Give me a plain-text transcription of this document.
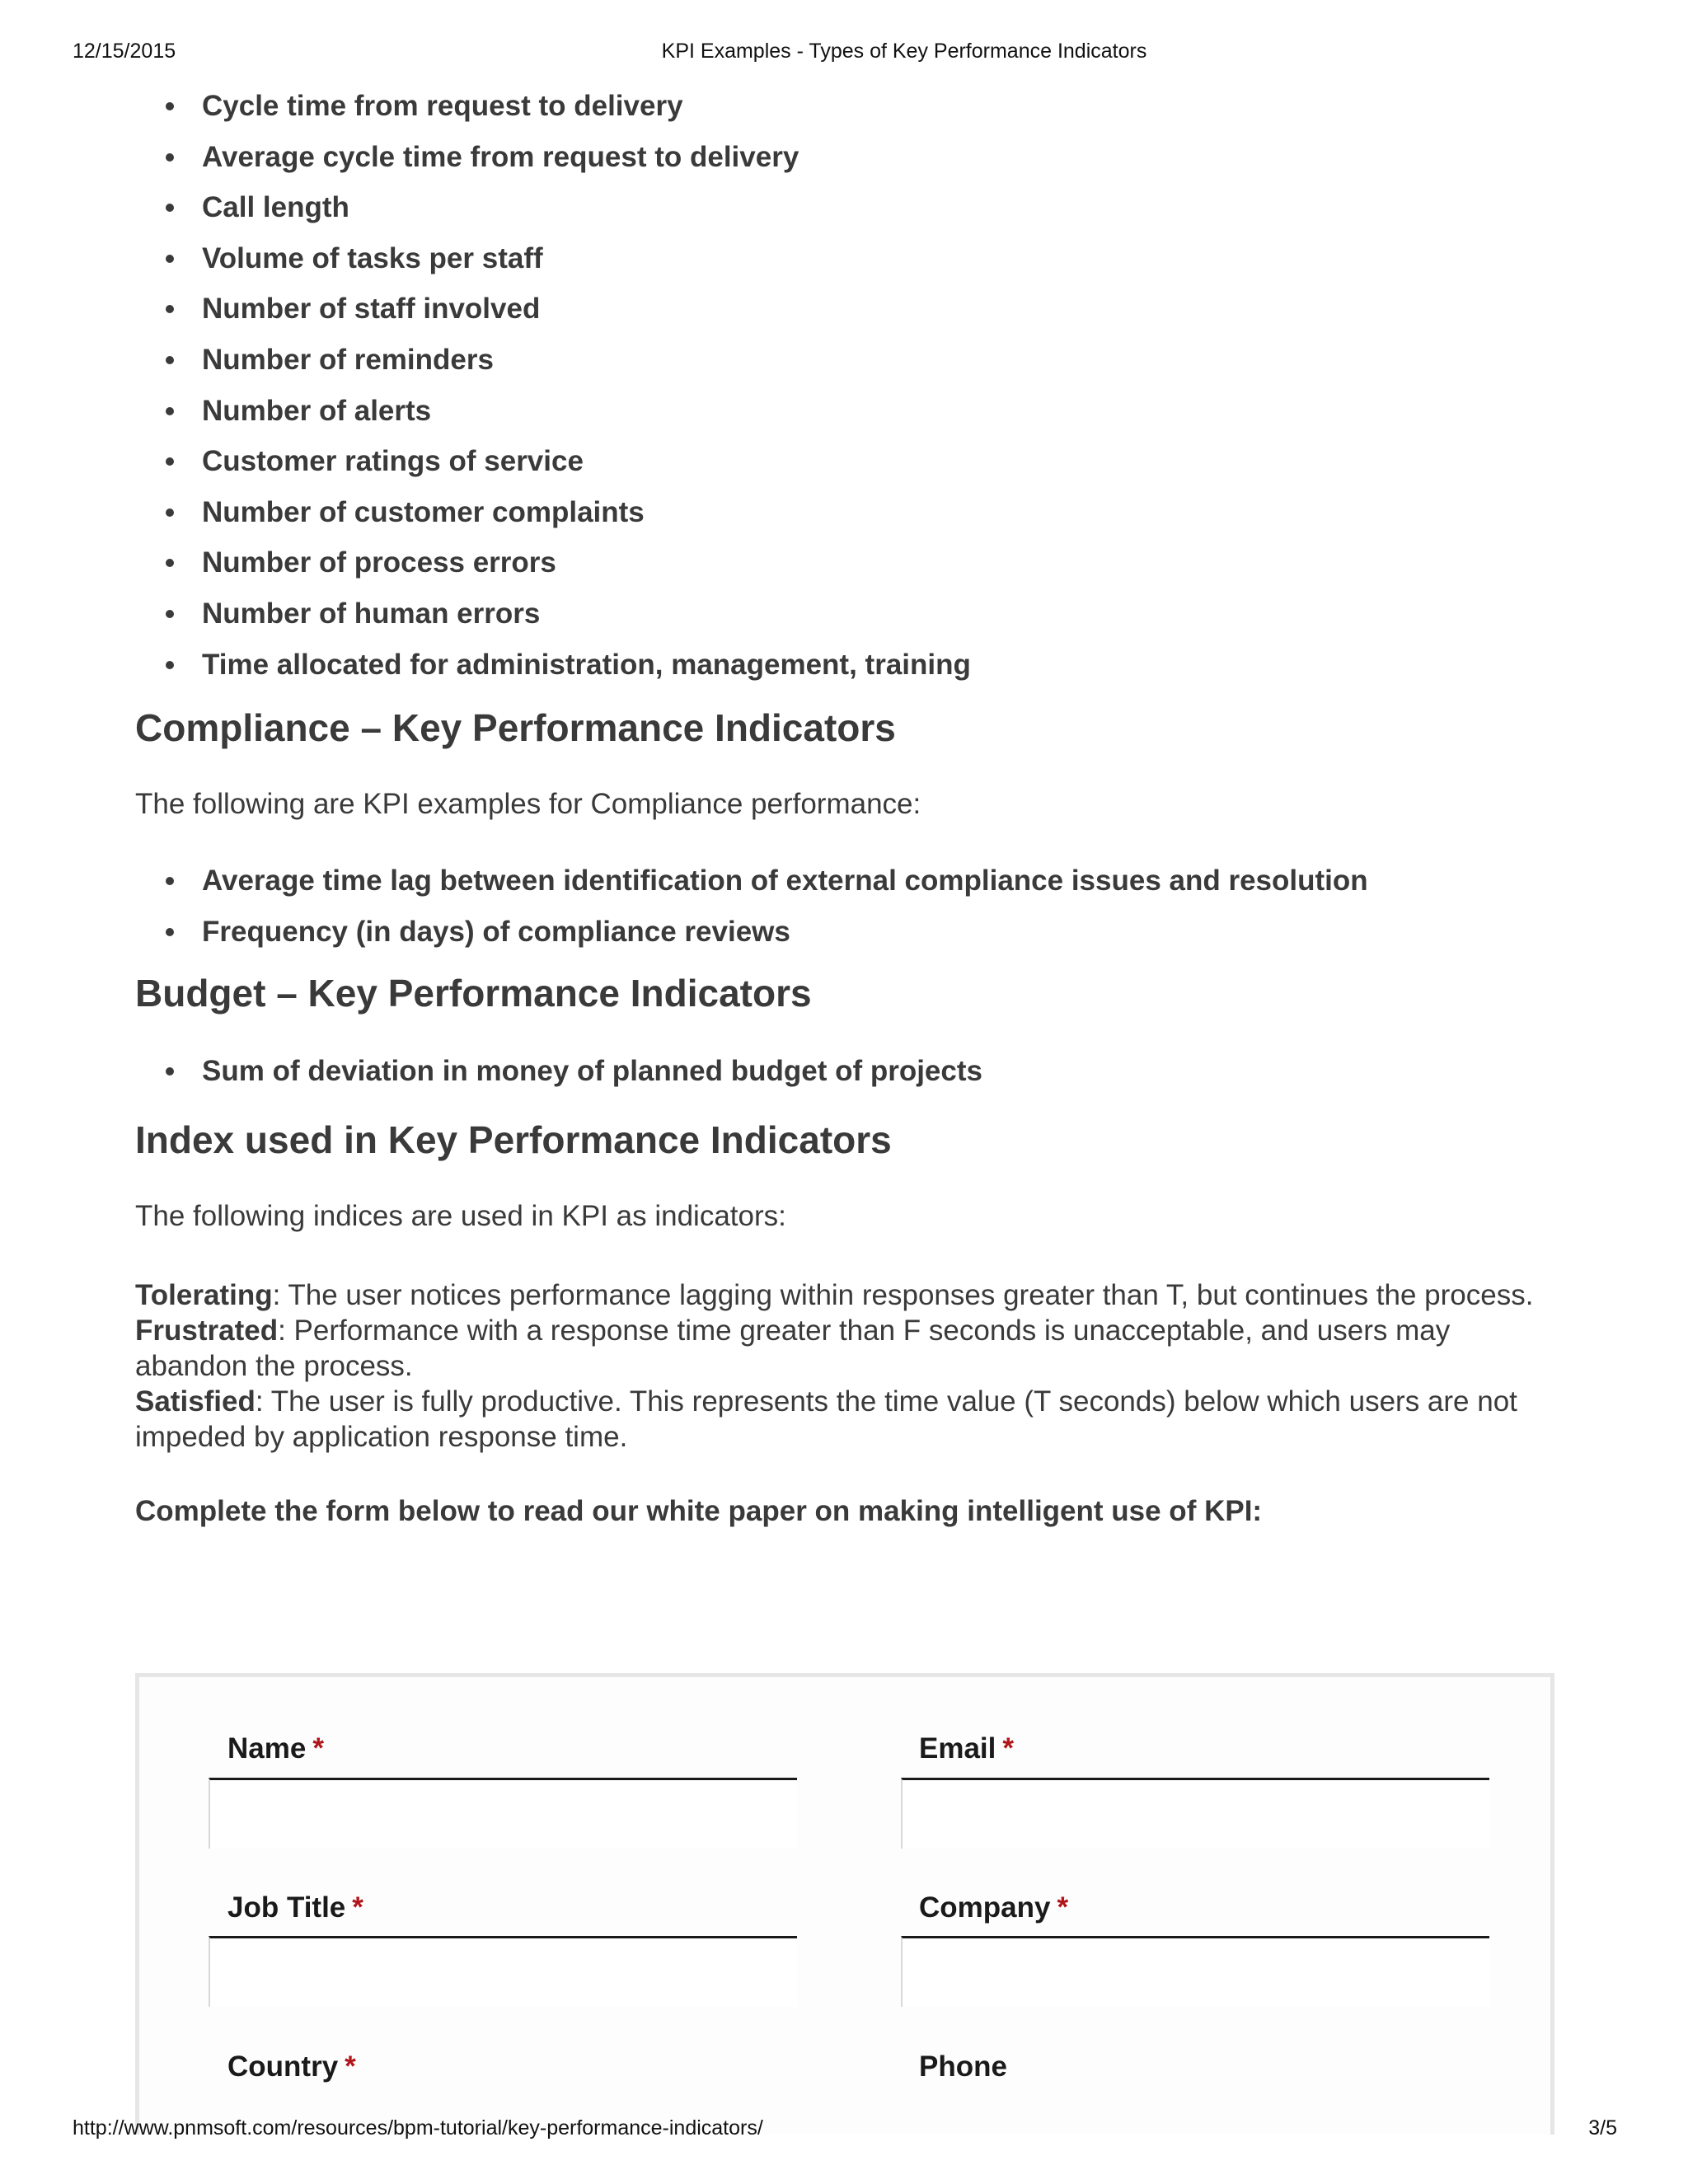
12/15/2015	KPI Examples - Types of Key Performance Indicators
Cycle time from request to delivery
Average cycle time from request to delivery
Call length
Volume of tasks per staff
Number of staff involved
Number of reminders
Number of alerts
Customer ratings of service
Number of customer complaints
Number of process errors
Number of human errors
Time allocated for administration, management, training
Compliance – Key Performance Indicators

The following are KPI examples for Compliance performance:

Average time lag between identification of external compliance issues and resolution
Frequency (in days) of compliance reviews
Budget – Key Performance Indicators
Sum of deviation in money of planned budget of projects
Index used in Key Performance Indicators

The following indices are used in KPI as indicators:

Tolerating: The user notices performance lagging within responses greater than T, but continues the process.

Frustrated: Performance with a response time greater than F seconds is unacceptable, and users may abandon the process.

Satisfied: The user is fully productive. This represents the time value (T seconds) below which users are not impeded by application response time.

Complete the form below to read our white paper on making intelligent use of KPI:

Name *	Email *
Job Title *	Company *
Country *	Phone
http://www.pnmsoft.com/resources/bpm-tutorial/key-performance-indicators/	3/5
